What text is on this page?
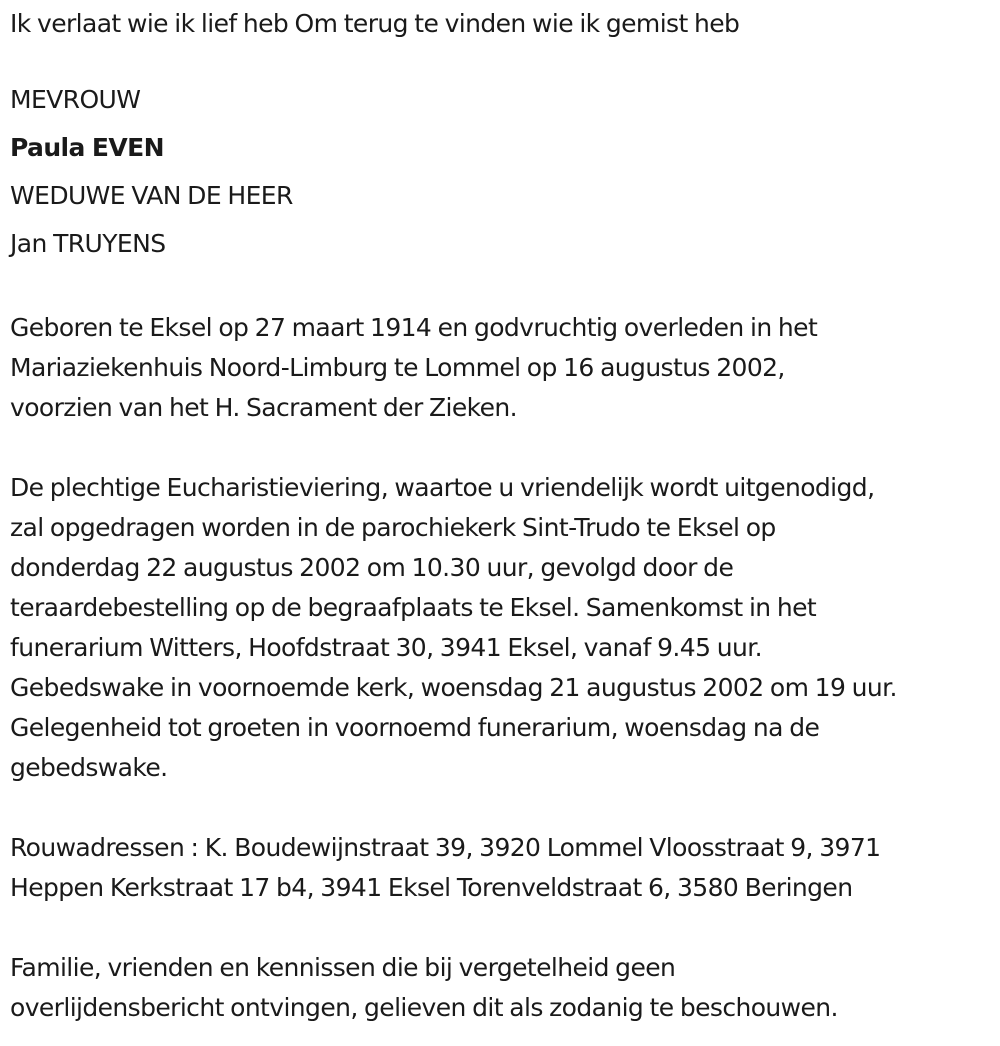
Ik verlaat wie ik lief heb Om terug te vinden wie ik gemist heb
MEVROUW
Paula EVEN
WEDUWE VAN DE HEER
Jan TRUYENS
Geboren te Eksel op 27 maart 1914 en godvruchtig overleden in het
Mariaziekenhuis Noord-Limburg te Lommel op 16 augustus 2002,
voorzien van het H. Sacrament der Zieken.
De plechtige Eucharistieviering, waartoe u vriendelijk wordt uitgenodigd,
zal opgedragen worden in de parochiekerk Sint-Trudo te Eksel op
donderdag 22 augustus 2002 om 10.30 uur, gevolgd door de
teraardebestelling op de begraafplaats te Eksel. Samenkomst in het
funerarium Witters, Hoofdstraat 30, 3941 Eksel, vanaf 9.45 uur.
Gebedswake in voornoemde kerk, woensdag 21 augustus 2002 om 19 uur.
Gelegenheid tot groeten in voornoemd funerarium, woensdag na de
gebedswake.
Rouwadressen : K. Boudewijnstraat 39, 3920 Lommel Vloosstraat 9, 3971
Heppen Kerkstraat 17 b4, 3941 Eksel Torenveldstraat 6, 3580 Beringen
Familie, vrienden en kennissen die bij vergetelheid geen
overlijdensbericht ontvingen, gelieven dit als zodanig te beschouwen.
